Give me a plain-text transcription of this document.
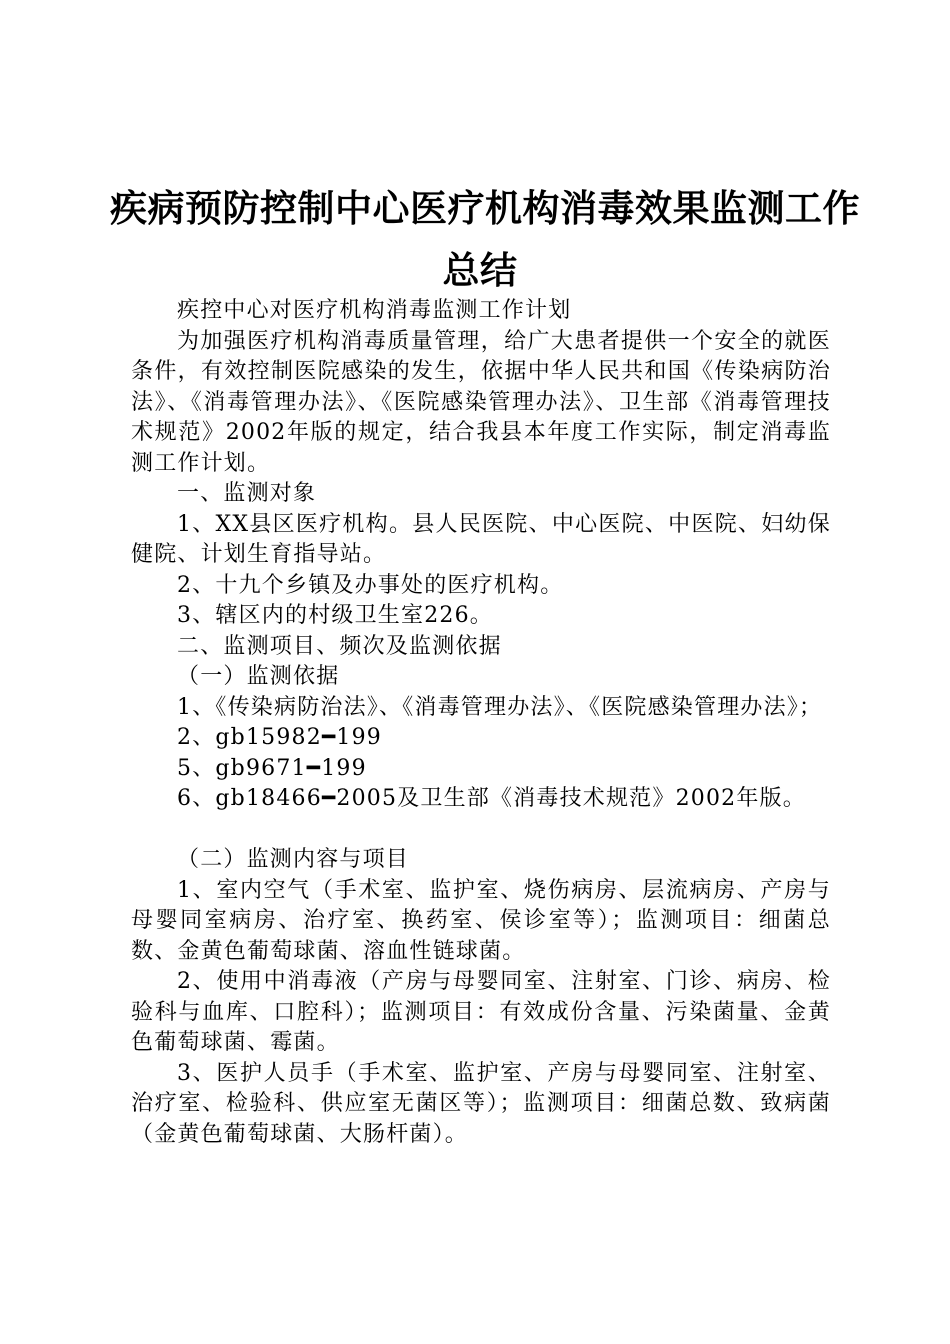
疾病预防控制中心医疗机构消毒效果监测工作
总结

疾控中心对医疗机构消毒监测工作计划

为加强医疗机构消毒质量管理，给广大患者提供一个安全的就医条件，有效控制医院感染的发生，依据中华人民共和国《传染病防治法》、《消毒管理办法》、《医院感染管理办法》、卫生部《消毒管理技术规范》2002年版的规定，结合我县本年度工作实际，制定消毒监测工作计划。

一、监测对象

1、XX县区医疗机构。县人民医院、中心医院、中医院、妇幼保健院、计划生育指导站。

2、十九个乡镇及办事处的医疗机构。

3、辖区内的村级卫生室226。

二、监测项目、频次及监测依据

（一）监测依据

1、《传染病防治法》、《消毒管理办法》、《医院感染管理办法》；

2、gb15982━199

5、gb9671━199

6、gb18466━2005及卫生部《消毒技术规范》2002年版。

（二）监测内容与项目

1、室内空气（手术室、监护室、烧伤病房、层流病房、产房与母婴同室病房、治疗室、换药室、侯诊室等）；监测项目：细菌总数、金黄色葡萄球菌、溶血性链球菌。

2、使用中消毒液（产房与母婴同室、注射室、门诊、病房、检验科与血库、口腔科）；监测项目：有效成份含量、污染菌量、金黄色葡萄球菌、霉菌。

3、医护人员手（手术室、监护室、产房与母婴同室、注射室、治疗室、检验科、供应室无菌区等）；监测项目：细菌总数、致病菌（金黄色葡萄球菌、大肠杆菌）。
